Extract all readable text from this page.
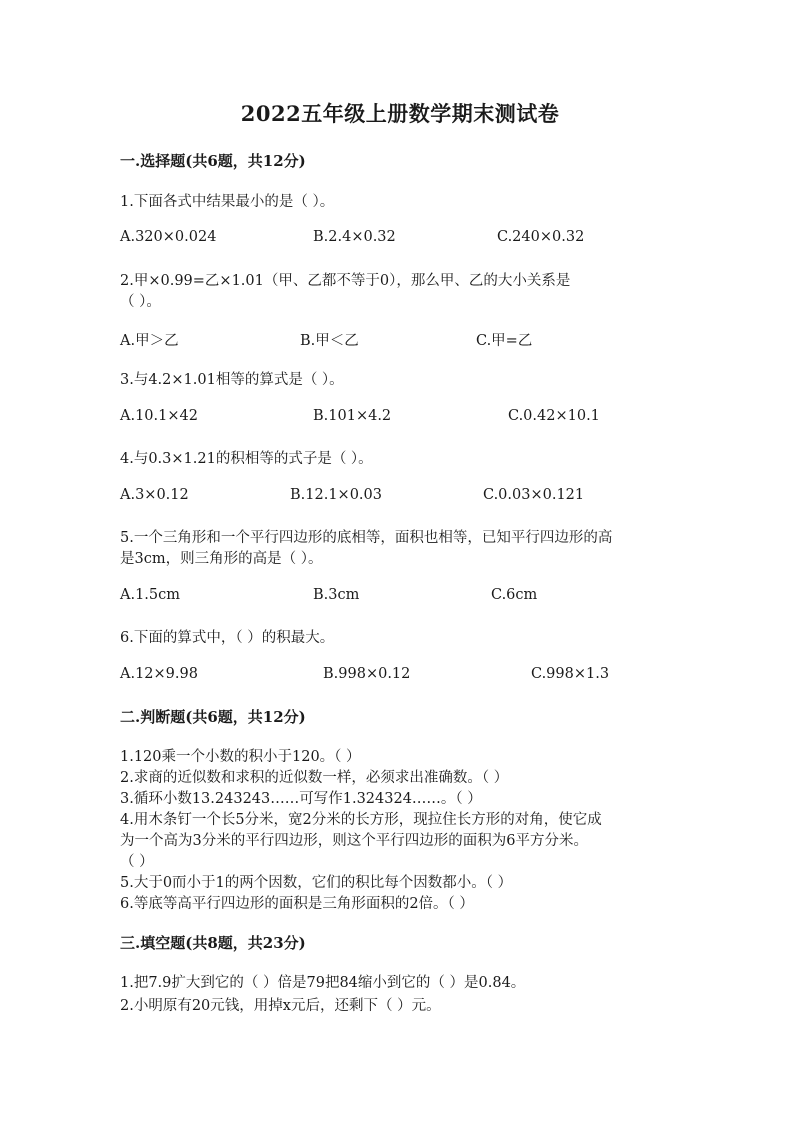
2022五年级上册数学期末测试卷
一.选择题(共6题，共12分)
1.下面各式中结果最小的是（ ）。
A.320×0.024	B.2.4×0.32	C.240×0.32
2.甲×0.99=乙×1.01（甲、乙都不等于0），那么甲、乙的大小关系是
（ ）。
A.甲＞乙	B.甲＜乙	C.甲=乙
3.与4.2×1.01相等的算式是（ ）。
A.10.1×42	B.101×4.2	C.0.42×10.1
4.与0.3×1.21的积相等的式子是（ ）。
A.3×0.12	B.12.1×0.03	C.0.03×0.121
5.一个三角形和一个平行四边形的底相等，面积也相等，已知平行四边形的高
是3cm，则三角形的高是（ ）。
A.1.5cm	B.3cm	C.6cm
6.下面的算式中，（ ）的积最大。
A.12×9.98	B.998×0.12	C.998×1.3
二.判断题(共6题，共12分)
1.120乘一个小数的积小于120。（ ）
2.求商的近似数和求积的近似数一样，必须求出准确数。（ ）
3.循环小数13.243243……可写作1.324324……。（ ）
4.用木条钉一个长5分米，宽2分米的长方形，现拉住长方形的对角，使它成
为一个高为3分米的平行四边形，则这个平行四边形的面积为6平方分米。
（ ）
5.大于0而小于1的两个因数，它们的积比每个因数都小。（ ）
6.等底等高平行四边形的面积是三角形面积的2倍。（ ）
三.填空题(共8题，共23分)
1.把7.9扩大到它的（ ）倍是79把84缩小到它的（ ）是0.84。
2.小明原有20元钱，用掉x元后，还剩下（ ）元。
